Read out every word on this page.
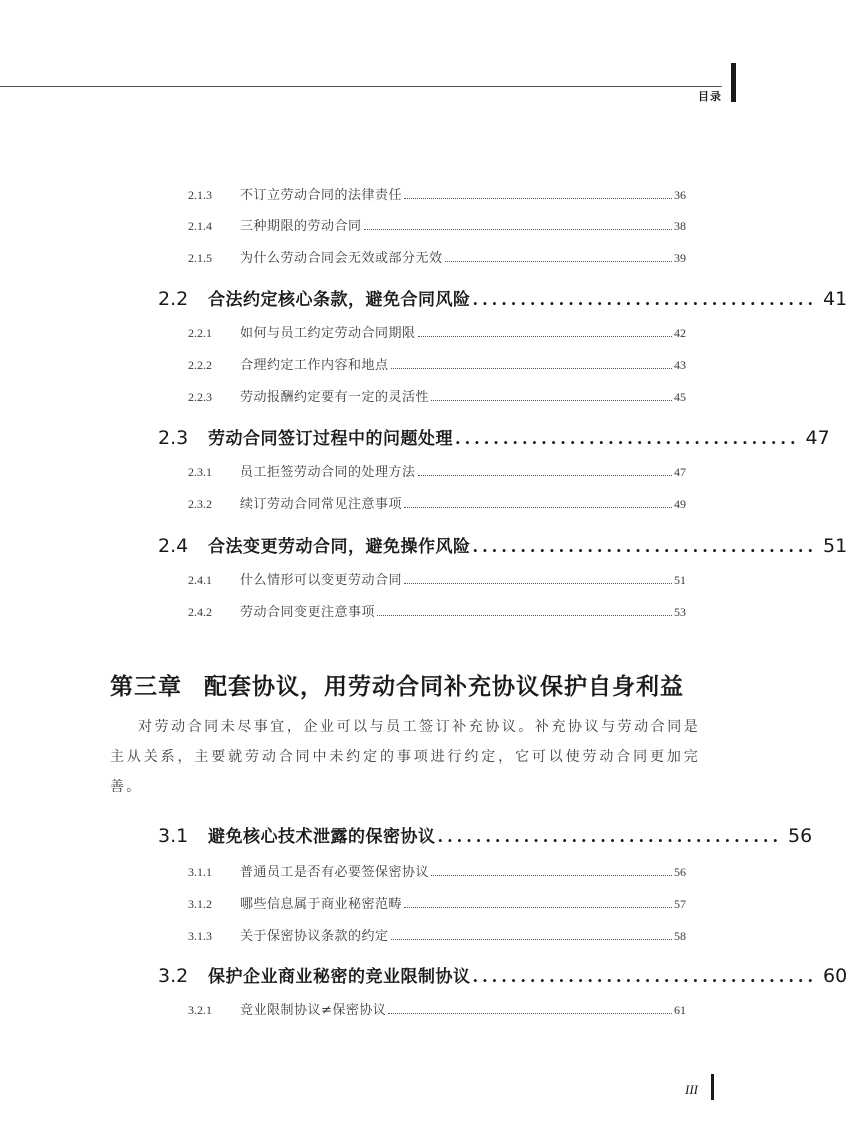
目录
2.1.3	不订立劳动合同的法律责任	36
2.1.4	三种期限的劳动合同	38
2.1.5	为什么劳动合同会无效或部分无效	39
2.2	合法约定核心条款，避免合同风险 .................................... 41
2.2.1	如何与员工约定劳动合同期限	42
2.2.2	合理约定工作内容和地点	43
2.2.3	劳动报酬约定要有一定的灵活性	45
2.3	劳动合同签订过程中的问题处理 .................................... 47
2.3.1	员工拒签劳动合同的处理方法	47
2.3.2	续订劳动合同常见注意事项	49
2.4	合法变更劳动合同，避免操作风险 .................................... 51
2.4.1	什么情形可以变更劳动合同	51
2.4.2	劳动合同变更注意事项	53
第三章 配套协议，用劳动合同补充协议保护自身利益

对劳动合同未尽事宜，企业可以与员工签订补充协议。补充协议与劳动合同是主从关系，主要就劳动合同中未约定的事项进行约定，它可以使劳动合同更加完善。

3.1	避免核心技术泄露的保密协议 .................................... 56
3.1.1	普通员工是否有必要签保密协议	56
3.1.2	哪些信息属于商业秘密范畴	57
3.1.3	关于保密协议条款的约定	58
3.2	保护企业商业秘密的竞业限制协议 .................................... 60
3.2.1	竞业限制协议≠保密协议	61
III
